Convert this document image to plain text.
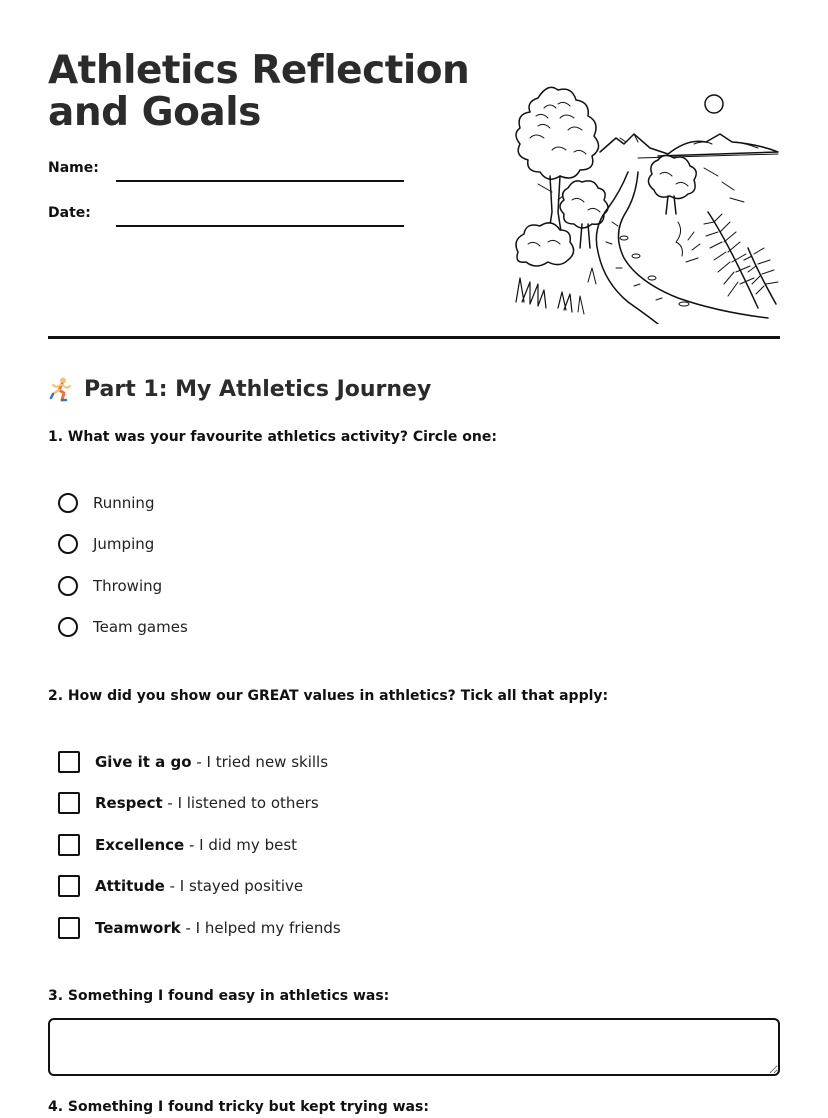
Athletics Reflection and Goals
Name:
Date:
Part 1: My Athletics Journey
1. What was your favourite athletics activity? Circle one:
Running
Jumping
Throwing
Team games
2. How did you show our GREAT values in athletics? Tick all that apply:
Give it a go - I tried new skills
Respect - I listened to others
Excellence - I did my best
Attitude - I stayed positive
Teamwork - I helped my friends
3. Something I found easy in athletics was:
4. Something I found tricky but kept trying was:
